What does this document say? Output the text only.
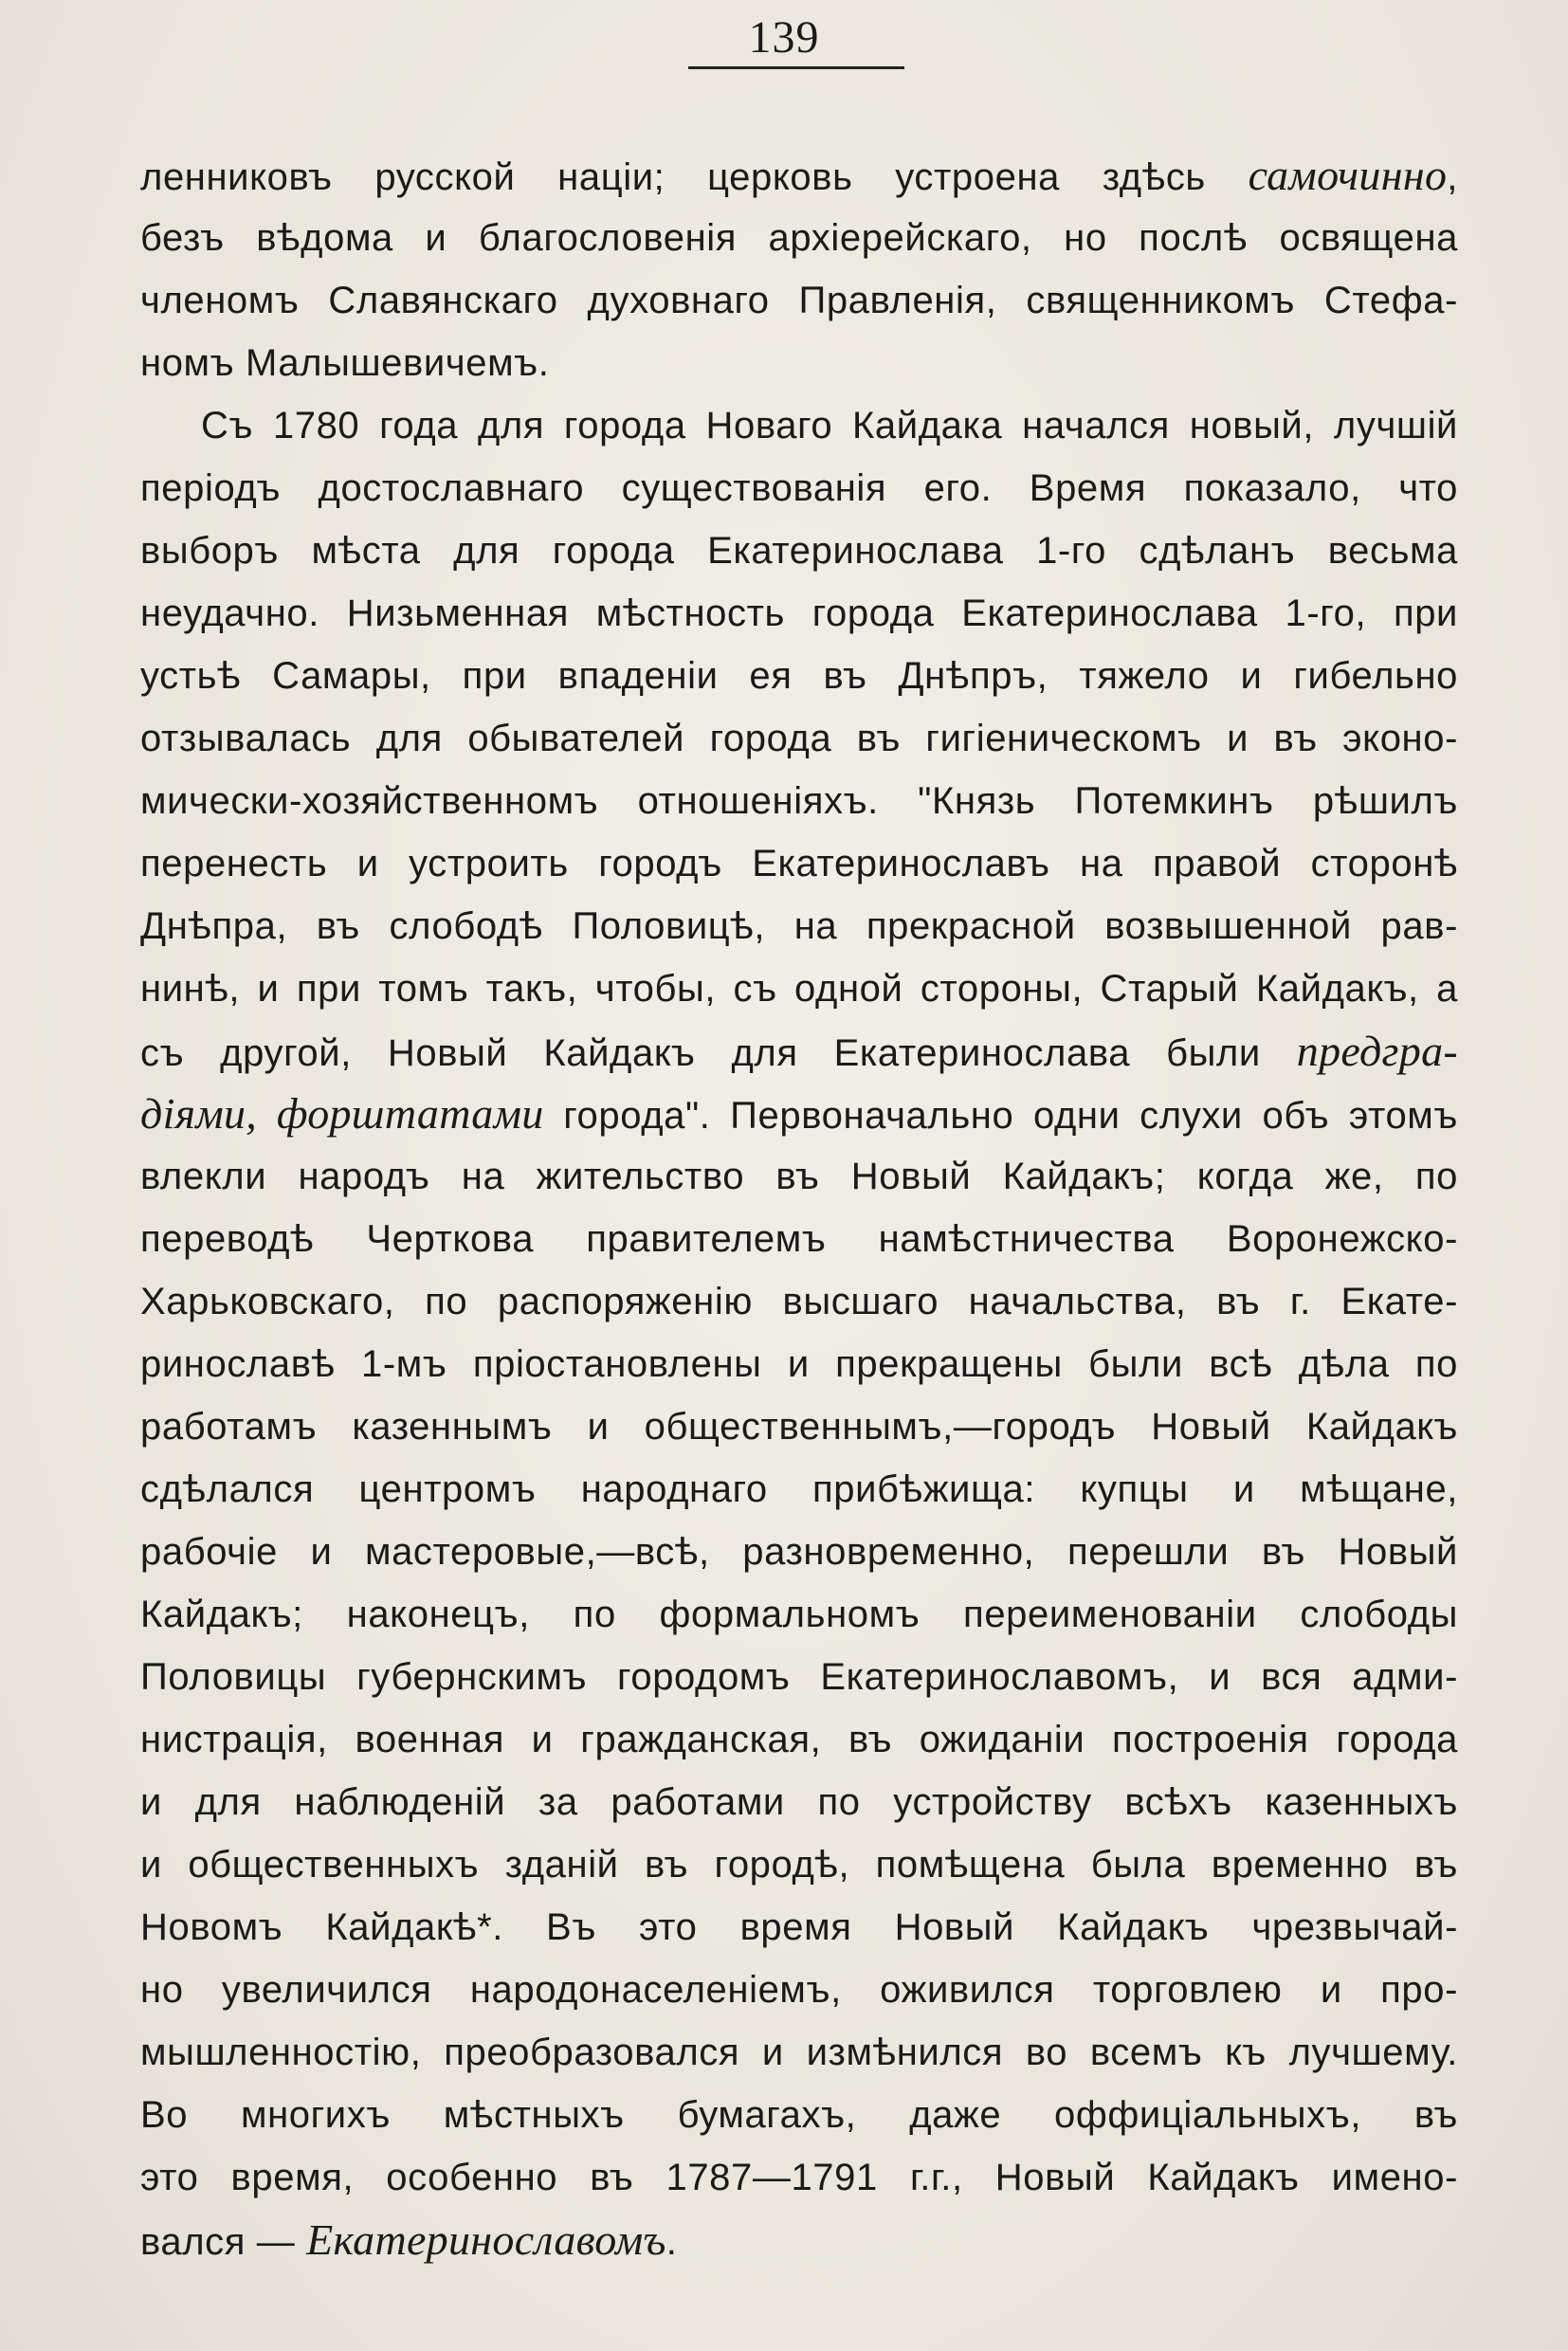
139
ленниковъ русской націи; церковь устроена здѣсь самочинно,
безъ вѣдома и благословенія архіерейскаго, но послѣ освящена
членомъ Славянскаго духовнаго Правленія, священникомъ Стефа-
номъ Малышевичемъ.
Съ 1780 года для города Новаго Кайдака начался новый, лучшій
періодъ достославнаго существованія его. Время показало, что
выборъ мѣста для города Екатеринослава 1-го сдѣланъ весьма
неудачно. Низьменная мѣстность города Екатеринослава 1-го, при
устьѣ Самары, при впаденіи ея въ Днѣпръ, тяжело и гибельно
отзывалась для обывателей города въ гигіеническомъ и въ эконо-
мически-хозяйственномъ отношеніяхъ. "Князь Потемкинъ рѣшилъ
перенесть и устроить городъ Екатеринославъ на правой сторонѣ
Днѣпра, въ слободѣ Половицѣ, на прекрасной возвышенной рав-
нинѣ, и при томъ такъ, чтобы, съ одной стороны, Старый Кайдакъ, а
съ другой, Новый Кайдакъ для Екатеринослава были предгра-
діями, форштатами города". Первоначально одни слухи объ этомъ
влекли народъ на жительство въ Новый Кайдакъ; когда же, по
переводѣ Черткова правителемъ намѣстничества Воронежско-
Харьковскаго, по распоряженію высшаго начальства, въ г. Екате-
ринославѣ 1-мъ пріостановлены и прекращены были всѣ дѣла по
работамъ казеннымъ и общественнымъ,—городъ Новый Кайдакъ
сдѣлался центромъ народнаго прибѣжища: купцы и мѣщане,
рабочіе и мастеровые,—всѣ, разновременно, перешли въ Новый
Кайдакъ; наконецъ, по формальномъ переименованіи слободы
Половицы губернскимъ городомъ Екатеринославомъ, и вся адми-
нистрація, военная и гражданская, въ ожиданіи построенія города
и для наблюденій за работами по устройству всѣхъ казенныхъ
и общественныхъ зданій въ городѣ, помѣщена была временно въ
Новомъ Кайдакѣ*. Въ это время Новый Кайдакъ чрезвычай-
но увеличился народонаселеніемъ, оживился торговлею и про-
мышленностію, преобразовался и измѣнился во всемъ къ лучшему.
Во многихъ мѣстныхъ бумагахъ, даже оффиціальныхъ, въ
это время, особенно въ 1787—1791 г.г., Новый Кайдакъ имено-
вался — Екатеринославомъ.
